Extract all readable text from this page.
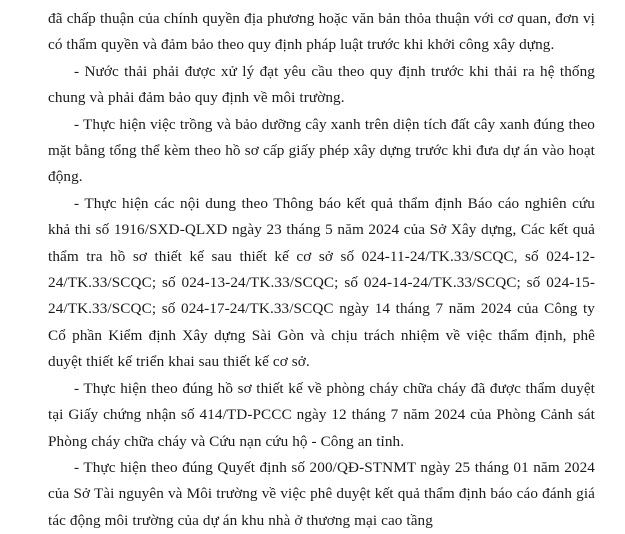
đã chấp thuận của chính quyền địa phương hoặc văn bản thỏa thuận với cơ quan, đơn vị có thẩm quyền và đảm bảo theo quy định pháp luật trước khi khởi công xây dựng.

- Nước thải phải được xử lý đạt yêu cầu theo quy định trước khi thải ra hệ thống chung và phải đảm bảo quy định về môi trường.

- Thực hiện việc trồng và bảo dưỡng cây xanh trên diện tích đất cây xanh đúng theo mặt bằng tổng thể kèm theo hồ sơ cấp giấy phép xây dựng trước khi đưa dự án vào hoạt động.

- Thực hiện các nội dung theo Thông báo kết quả thẩm định Báo cáo nghiên cứu khả thi số 1916/SXD-QLXD ngày 23 tháng 5 năm 2024 của Sở Xây dựng, Các kết quả thẩm tra hồ sơ thiết kế sau thiết kế cơ sở số 024-11-24/TK.33/SCQC, số 024-12-24/TK.33/SCQC; số 024-13-24/TK.33/SCQC; số 024-14-24/TK.33/SCQC; số 024-15-24/TK.33/SCQC; số 024-17-24/TK.33/SCQC ngày 14 tháng 7 năm 2024 của Công ty Cổ phần Kiểm định Xây dựng Sài Gòn và chịu trách nhiệm về việc thẩm định, phê duyệt thiết kế triển khai sau thiết kế cơ sở.

- Thực hiện theo đúng hồ sơ thiết kế về phòng cháy chữa cháy đã được thẩm duyệt tại Giấy chứng nhận số 414/TD-PCCC ngày 12 tháng 7 năm 2024 của Phòng Cảnh sát Phòng cháy chữa cháy và Cứu nạn cứu hộ - Công an tỉnh.

- Thực hiện theo đúng Quyết định số 200/QĐ-STNMT ngày 25 tháng 01 năm 2024 của Sở Tài nguyên và Môi trường về việc phê duyệt kết quả thẩm định báo cáo đánh giá tác động môi trường của dự án khu nhà ở thương mại cao tầng
